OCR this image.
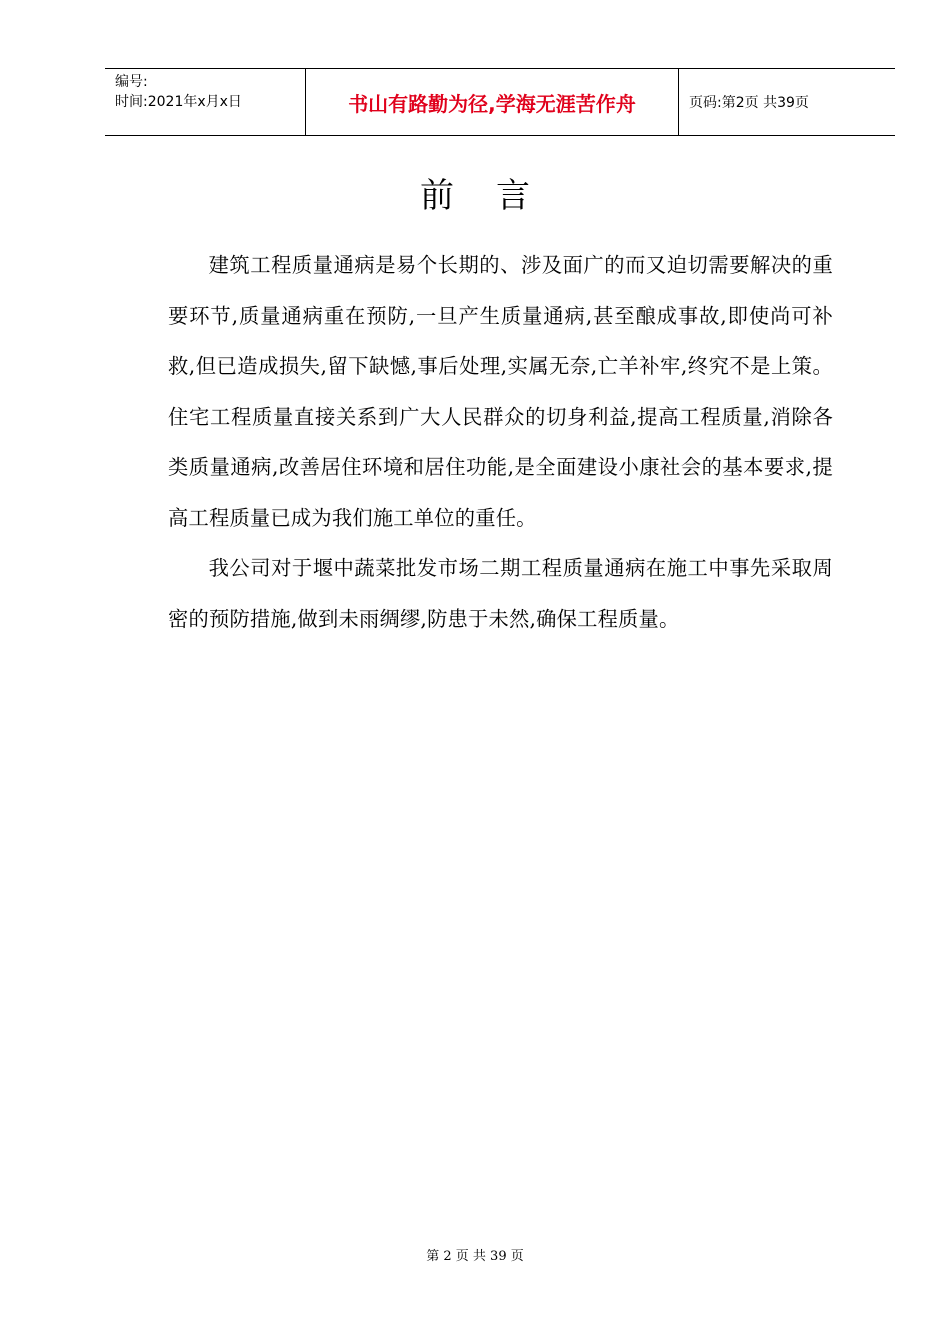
编号:
时间:2021年x月x日	书山有路勤为径,学海无涯苦作舟	页码:第2页 共39页
前言

建筑工程质量通病是易个长期的、涉及面广的而又迫切需要解决的重要环节,质量通病重在预防,一旦产生质量通病,甚至酿成事故,即使尚可补救,但已造成损失,留下缺憾,事后处理,实属无奈,亡羊补牢,终究不是上策。住宅工程质量直接关系到广大人民群众的切身利益,提高工程质量,消除各类质量通病,改善居住环境和居住功能,是全面建设小康社会的基本要求,提高工程质量已成为我们施工单位的重任。

我公司对于堰中蔬菜批发市场二期工程质量通病在施工中事先采取周密的预防措施,做到未雨绸缪,防患于未然,确保工程质量。

第 2 页 共 39 页
